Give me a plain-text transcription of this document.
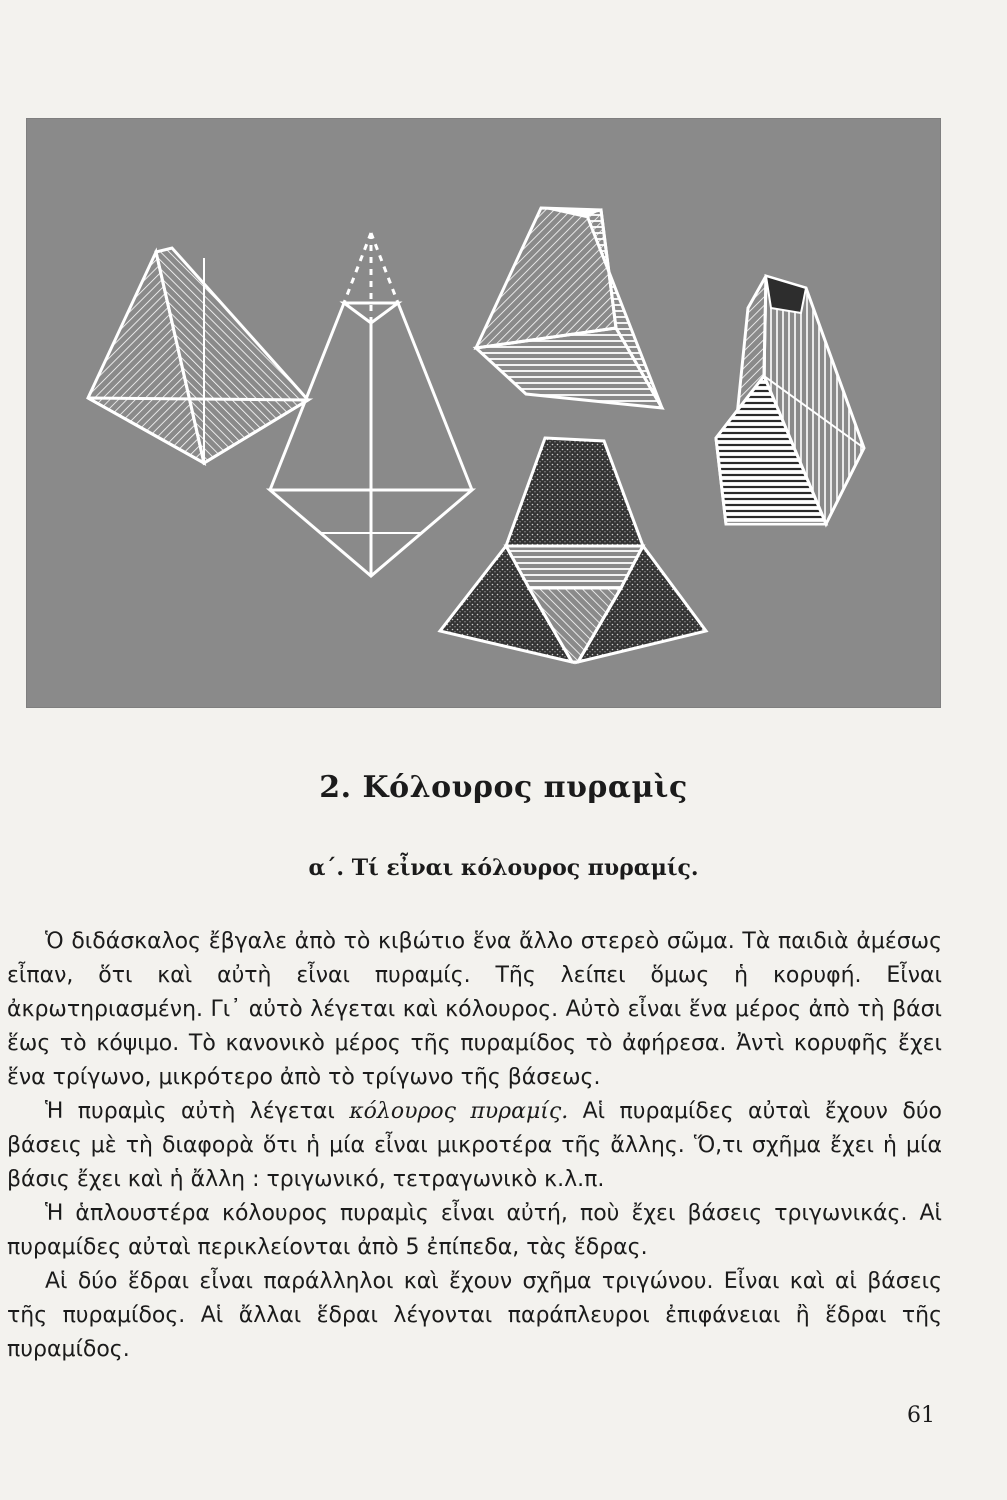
2. Κόλουρος πυραμὶς
α΄. Τί εἶναι κόλουρος πυραμίς.

Ὁ διδάσκαλος ἔβγαλε ἀπὸ τὸ κιβώτιο ἕνα ἄλλο στερεὸ σῶμα. Τὰ παιδιὰ ἀμέσως εἶπαν, ὅτι καὶ αὐτὴ εἶναι πυραμίς. Τῆς λείπει ὅμως ἡ κορυφή. Εἶναι ἀκρωτηριασμένη. Γι᾿ αὐτὸ λέγεται καὶ κόλουρος. Αὐτὸ εἶναι ἕνα μέρος ἀπὸ τὴ βάσι ἕως τὸ κόψιμο. Τὸ κανονικὸ μέρος τῆς πυραμίδος τὸ ἀφήρεσα. Ἀντὶ κορυφῆς ἔχει ἕνα τρίγωνο, μικρότερο ἀπὸ τὸ τρίγωνο τῆς βάσεως.

Ἡ πυραμὶς αὐτὴ λέγεται κόλουρος πυραμίς. Αἱ πυραμίδες αὐταὶ ἔχουν δύο βάσεις μὲ τὴ διαφορὰ ὅτι ἡ μία εἶναι μικροτέρα τῆς ἄλλης. Ὅ,τι σχῆμα ἔχει ἡ μία βάσις ἔχει καὶ ἡ ἄλλη : τριγωνικό, τετραγωνικὸ κ.λ.π.

Ἡ ἁπλουστέρα κόλουρος πυραμὶς εἶναι αὐτή, ποὺ ἔχει βάσεις τριγωνικάς. Αἱ πυραμίδες αὐταὶ περικλείονται ἀπὸ 5 ἐπίπεδα, τὰς ἕδρας.

Αἱ δύο ἕδραι εἶναι παράλληλοι καὶ ἔχουν σχῆμα τριγώνου. Εἶναι καὶ αἱ βάσεις τῆς πυραμίδος. Αἱ ἄλλαι ἕδραι λέγονται παράπλευροι ἐπιφάνειαι ἢ ἕδραι τῆς πυραμίδος.

61
